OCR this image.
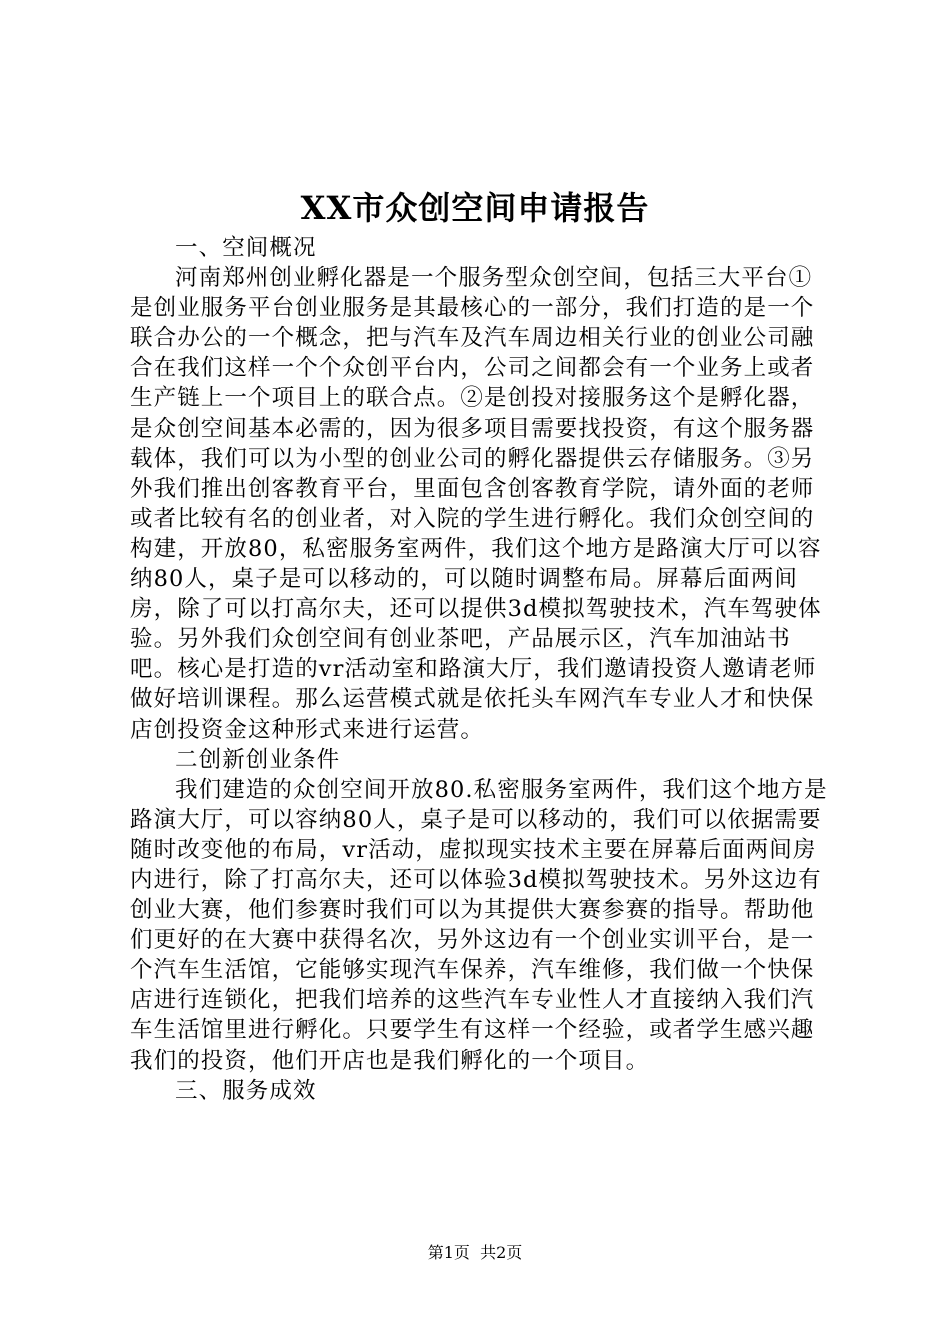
XX市众创空间申请报告

一、空间概况

河南郑州创业孵化器是一个服务型众创空间，包括三大平台①是创业服务平台创业服务是其最核心的一部分，我们打造的是一个联合办公的一个概念，把与汽车及汽车周边相关行业的创业公司融合在我们这样一个个众创平台内，公司之间都会有一个业务上或者生产链上一个项目上的联合点。②是创投对接服务这个是孵化器，是众创空间基本必需的，因为很多项目需要找投资，有这个服务器载体，我们可以为小型的创业公司的孵化器提供云存储服务。③另外我们推出创客教育平台，里面包含创客教育学院，请外面的老师或者比较有名的创业者，对入院的学生进行孵化。我们众创空间的构建，开放80，私密服务室两件，我们这个地方是路演大厅可以容纳80人，桌子是可以移动的，可以随时调整布局。屏幕后面两间房，除了可以打高尔夫，还可以提供3d模拟驾驶技术，汽车驾驶体验。另外我们众创空间有创业茶吧，产品展示区，汽车加油站书吧。核心是打造的vr活动室和路演大厅，我们邀请投资人邀请老师做好培训课程。那么运营模式就是依托头车网汽车专业人才和快保店创投资金这种形式来进行运营。

二创新创业条件

我们建造的众创空间开放80.私密服务室两件，我们这个地方是路演大厅，可以容纳80人，桌子是可以移动的，我们可以依据需要随时改变他的布局，vr活动，虚拟现实技术主要在屏幕后面两间房内进行，除了打高尔夫，还可以体验3d模拟驾驶技术。另外这边有创业大赛，他们参赛时我们可以为其提供大赛参赛的指导。帮助他们更好的在大赛中获得名次，另外这边有一个创业实训平台，是一个汽车生活馆，它能够实现汽车保养，汽车维修，我们做一个快保店进行连锁化，把我们培养的这些汽车专业性人才直接纳入我们汽车生活馆里进行孵化。只要学生有这样一个经验，或者学生感兴趣我们的投资，他们开店也是我们孵化的一个项目。

三、服务成效

第1页 共2页
